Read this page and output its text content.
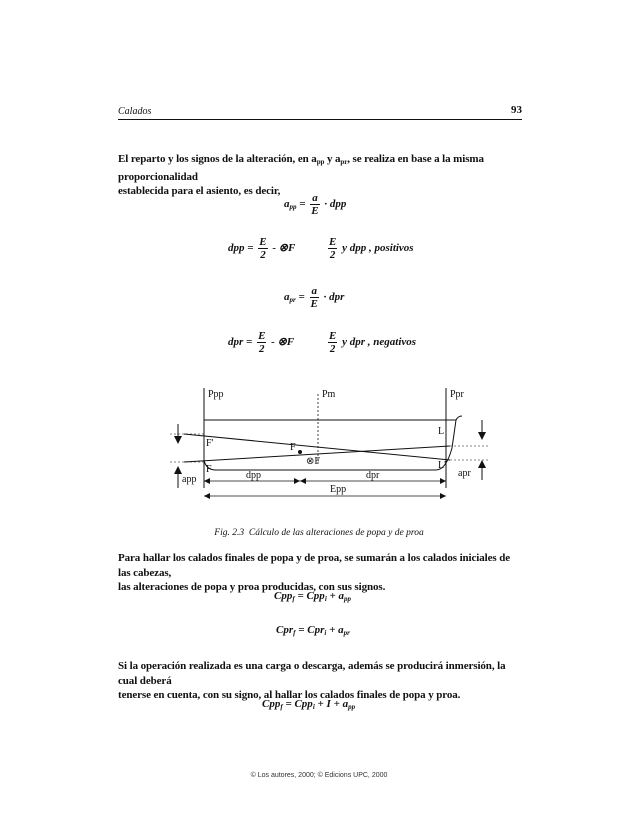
Calados	93
El reparto y los signos de la alteración, en $a_{pp}$ y $a_{pr}$, se realiza en base a la misma proporcionalidad
establecida para el asiento, es decir,
$a_{pp} = \frac{a}{E}$ · dpp
dpp = $\frac{E}{2}$ - ⊗F	$\frac{E}{2}$ y dpp , positivos
$a_{pr} = \frac{a}{E}$ · dpr
dpr = $\frac{E}{2}$ - ⊗F	$\frac{E}{2}$ y dpr , negativos
Ppp	Pm	Ppr
L
L'
F'	F
⊗F
F
app
apr
dpp	dpr
Epp
Fig. 2.3 Cálculo de las alteraciones de popa y de proa
Para hallar los calados finales de popa y de proa, se sumarán a los calados iniciales de las cabezas,
las alteraciones de popa y proa producidas, con sus signos.
$Cpp_f = Cpp_i + a_{pp}$
$Cpr_f = Cpr_i + a_{pr}$
Si la operación realizada es una carga o descarga, además se producirá inmersión, la cual deberá
tenerse en cuenta, con su signo, al hallar los calados finales de popa y proa.
$Cpp_f = Cpp_i + I + a_{pp}$
© Los autores, 2000; © Edicions UPC, 2000
